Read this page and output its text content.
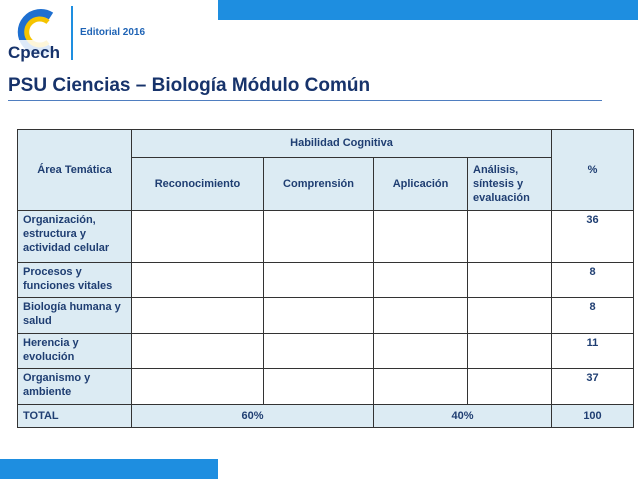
Cpech
Editorial 2016
PSU Ciencias – Biología Módulo Común
Área Temática	Habilidad Cognitiva				%
	Reconocimiento	Comprensión	Aplicación	Análisis, síntesis y evaluación	
Organización, estructura y actividad celular					36
Procesos y funciones vitales					8
Biología humana y salud					8
Herencia y evolución					11
Organismo y ambiente					37
TOTAL	60%		40%		100
